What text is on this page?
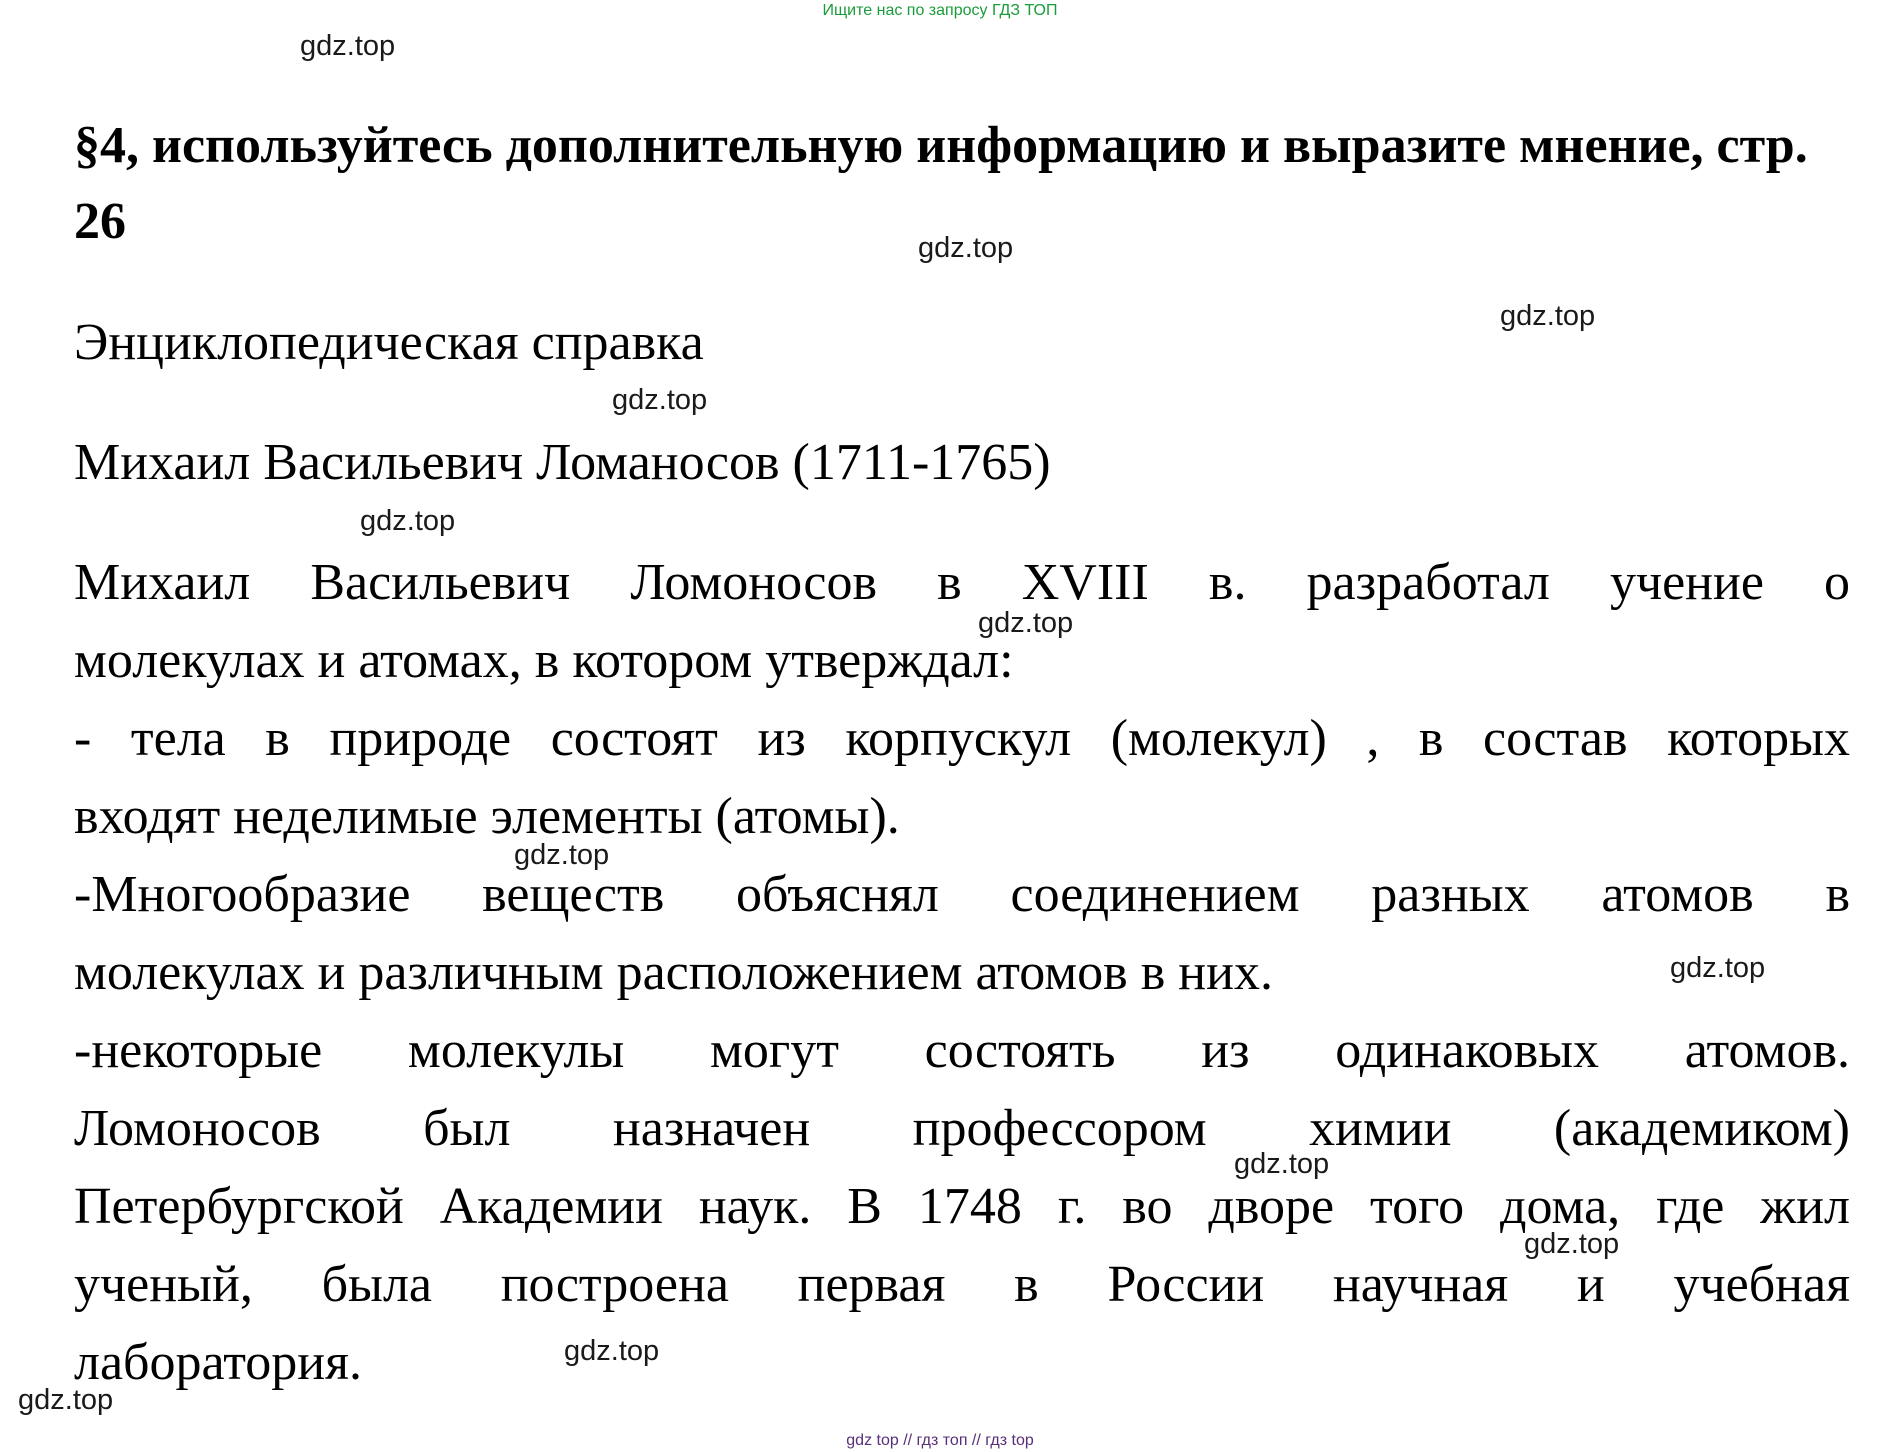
Ищите нас по запросу ГДЗ ТОП
§4, используйтесь дополнительную информацию и выразите мнение, стр. 26
Энциклопедическая справка
Михаил Васильевич Ломаносов (1711-1765)
Михаил Васильевич Ломоносов в XVIII в. разработал учение о
молекулах и атомах, в котором утверждал:
- тела в природе состоят из корпускул (молекул) , в состав которых
входят неделимые элементы (атомы).
-Многообразие веществ объяснял соединением разных атомов в
молекулах и различным расположением атомов в них.
-некоторые молекулы могут состоять из одинаковых атомов.
Ломоносов был назначен профессором химии (академиком)
Петербургской Академии наук. В 1748 г. во дворе того дома, где жил
ученый, была построена первая в России научная и учебная
лаборатория.
gdz.top
gdz.top
gdz.top
gdz.top
gdz.top
gdz.top
gdz.top
gdz.top
gdz.top
gdz.top
gdz.top
gdz.top
gdz top // гдз топ // гдз top
